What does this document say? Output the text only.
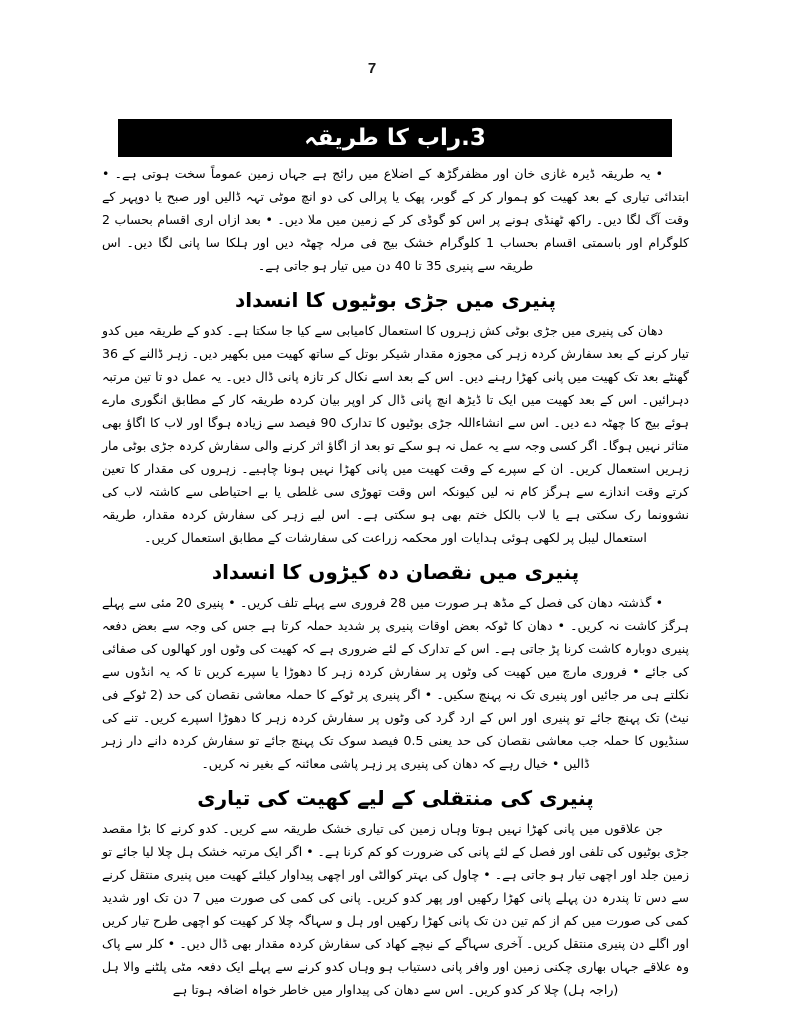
7
3.راب کا طریقہ

• یہ طریقہ ڈیرہ غازی خان اور مظفرگڑھ کے اضلاع میں رائج ہے جہاں زمین عموماً سخت ہوتی ہے۔ • ابتدائی تیاری کے بعد کھیت کو ہموار کر کے گوبر، پھک یا پرالی کی دو انچ موٹی تہہ ڈالیں اور صبح یا دوپہر کے وقت آگ لگا دیں۔ راکھ ٹھنڈی ہونے پر اس کو گوڈی کر کے زمین میں ملا دیں۔ • بعد ازاں اری اقسام بحساب 2 کلوگرام اور باسمتی اقسام بحساب 1 کلوگرام خشک بیج فی مرلہ چھٹہ دیں اور ہلکا سا پانی لگا دیں۔ اس طریقہ سے پنیری 35 تا 40 دن میں تیار ہو جاتی ہے۔

پنیری میں جڑی بوٹیوں کا انسداد

دھان کی پنیری میں جڑی بوٹی کش زہروں کا استعمال کامیابی سے کیا جا سکتا ہے۔ کدو کے طریقہ میں کدو تیار کرنے کے بعد سفارش کردہ زہر کی مجوزہ مقدار شیکر بوتل کے ساتھ کھیت میں بکھیر دیں۔ زہر ڈالنے کے 36 گھنٹے بعد تک کھیت میں پانی کھڑا رہنے دیں۔ اس کے بعد اسے نکال کر تازہ پانی ڈال دیں۔ یہ عمل دو تا تین مرتبہ دہرائیں۔ اس کے بعد کھیت میں ایک تا ڈیڑھ انچ پانی ڈال کر اوپر بیان کردہ طریقہ کار کے مطابق انگوری مارے ہوئے بیج کا چھٹہ دے دیں۔ اس سے انشاءاللہ جڑی بوٹیوں کا تدارک 90 فیصد سے زیادہ ہوگا اور لاب کا اگاؤ بھی متاثر نہیں ہوگا۔ اگر کسی وجہ سے یہ عمل نہ ہو سکے تو بعد از اگاؤ اثر کرنے والی سفارش کردہ جڑی بوٹی مار زہریں استعمال کریں۔ ان کے سپرے کے وقت کھیت میں پانی کھڑا نہیں ہونا چاہیے۔ زہروں کی مقدار کا تعین کرتے وقت اندازے سے ہرگز کام نہ لیں کیونکہ اس وقت تھوڑی سی غلطی یا بے احتیاطی سے کاشتہ لاب کی نشوونما رک سکتی ہے یا لاب بالکل ختم بھی ہو سکتی ہے۔ اس لیے زہر کی سفارش کردہ مقدار، طریقہ استعمال لیبل پر لکھی ہوئی ہدایات اور محکمہ زراعت کی سفارشات کے مطابق استعمال کریں۔

پنیری میں نقصان دہ کیڑوں کا انسداد

• گذشتہ دھان کی فصل کے مڈھ ہر صورت میں 28 فروری سے پہلے تلف کریں۔ • پنیری 20 مئی سے پہلے ہرگز کاشت نہ کریں۔ • دھان کا ٹوکہ بعض اوقات پنیری پر شدید حملہ کرتا ہے جس کی وجہ سے بعض دفعہ پنیری دوبارہ کاشت کرنا پڑ جاتی ہے۔ اس کے تدارک کے لئے ضروری ہے کہ کھیت کی وٹوں اور کھالوں کی صفائی کی جائے • فروری مارچ میں کھیت کی وٹوں پر سفارش کردہ زہر کا دھوڑا یا سپرے کریں تا کہ یہ انڈوں سے نکلتے ہی مر جائیں اور پنیری تک نہ پہنچ سکیں۔ • اگر پنیری پر ٹوکے کا حملہ معاشی نقصان کی حد (2 ٹوکے فی نیٹ) تک پہنچ جائے تو پنیری اور اس کے ارد گرد کی وٹوں پر سفارش کردہ زہر کا دھوڑا اسپرے کریں۔ تنے کی سنڈیوں کا حملہ جب معاشی نقصان کی حد یعنی 0.5 فیصد سوک تک پہنچ جائے تو سفارش کردہ دانے دار زہر ڈالیں • خیال رہے کہ دھان کی پنیری پر زہر پاشی معائنہ کے بغیر نہ کریں۔

پنیری کی منتقلی کے لیے کھیت کی تیاری

جن علاقوں میں پانی کھڑا نہیں ہوتا وہاں زمین کی تیاری خشک طریقہ سے کریں۔ کدو کرنے کا بڑا مقصد جڑی بوٹیوں کی تلفی اور فصل کے لئے پانی کی ضرورت کو کم کرنا ہے۔ • اگر ایک مرتبہ خشک ہل چلا لیا جائے تو زمین جلد اور اچھی تیار ہو جاتی ہے۔ • چاول کی بہتر کوالٹی اور اچھی پیداوار کیلئے کھیت میں پنیری منتقل کرنے سے دس تا پندرہ دن پہلے پانی کھڑا رکھیں اور پھر کدو کریں۔ پانی کی کمی کی صورت میں 7 دن تک اور شدید کمی کی صورت میں کم از کم تین دن تک پانی کھڑا رکھیں اور ہل و سہاگہ چلا کر کھیت کو اچھی طرح تیار کریں اور اگلے دن پنیری منتقل کریں۔ آخری سہاگے کے نیچے کھاد کی سفارش کردہ مقدار بھی ڈال دیں۔ • کلر سے پاک وہ علاقے جہاں بھاری چکنی زمین اور وافر پانی دستیاب ہو وہاں کدو کرنے سے پہلے ایک دفعہ مٹی پلٹنے والا ہل (راجہ ہل) چلا کر کدو کریں۔ اس سے دھان کی پیداوار میں خاطر خواہ اضافہ ہوتا ہے
